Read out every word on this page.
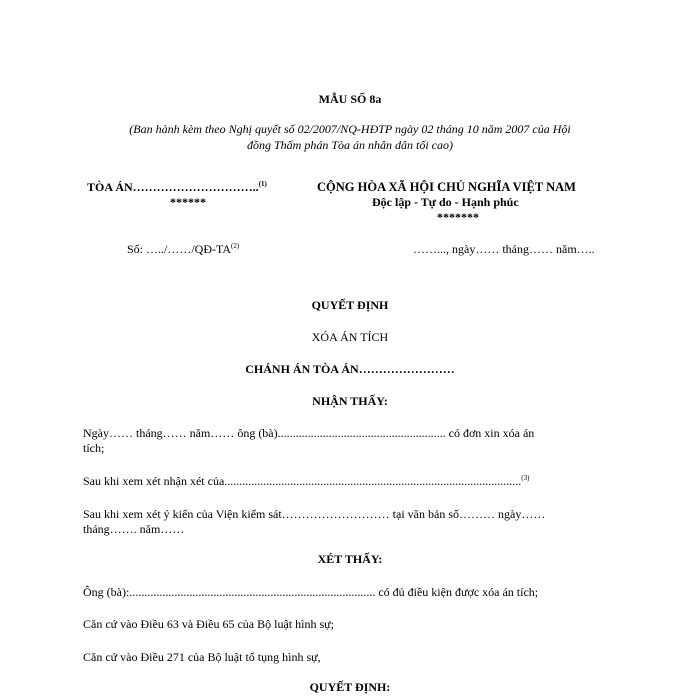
MẪU SỐ 8a
(Ban hành kèm theo Nghị quyết số 02/2007/NQ-HĐTP ngày 02 tháng 10 năm 2007 của Hội
đồng Thẩm phán Tòa án nhân dân tối cao)
TÒA ÁN…………………………..$^{(1)}$
******
Số: …../……/QĐ-TA$^{(2)}$
CỘNG HÒA XÃ HỘI CHỦ NGHĨA VIỆT NAM
Độc lập - Tự do - Hạnh phúc
*******
……..., ngày…… tháng…… năm…..
QUYẾT ĐỊNH
XÓA ÁN TÍCH
CHÁNH ÁN TÒA ÁN……………………
NHẬN THẤY:
Ngày…… tháng…… năm…… ông (bà)........................................................ có đơn xin xóa án
tích;
Sau khi xem xét nhận xét của...................................................................................................$^{(3)}$
Sau khi xem xét ý kiến của Viện kiểm sát……………………… tại văn bản số……… ngày……
tháng……. năm……
XÉT THẤY:
Ông (bà):.................................................................................. có đủ điều kiện được xóa án tích;
Căn cứ vào Điều 63 và Điều 65 của Bộ luật hình sự;
Căn cứ vào Điều 271 của Bộ luật tố tụng hình sự,
QUYẾT ĐỊNH:
